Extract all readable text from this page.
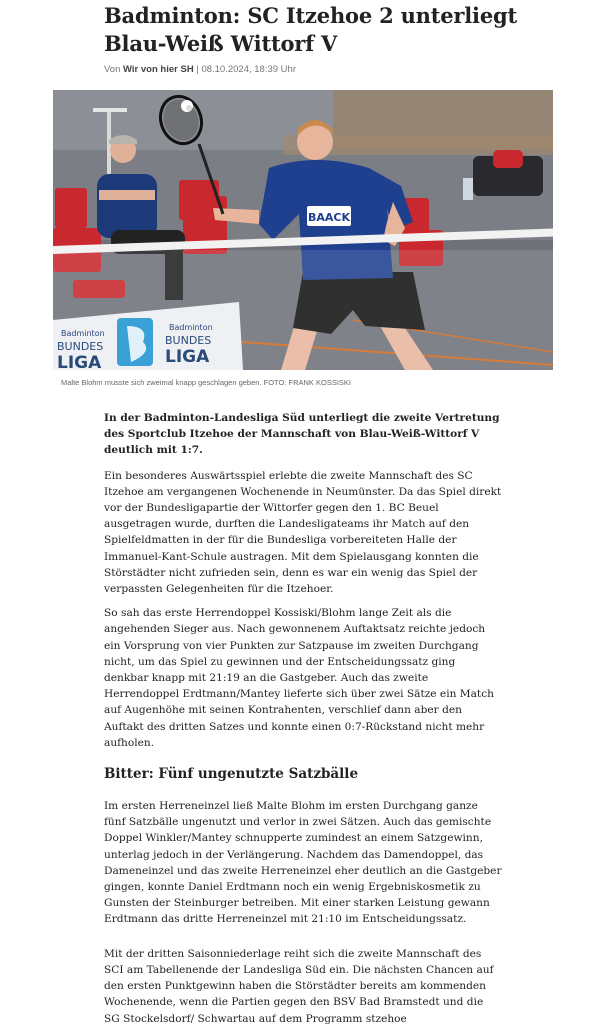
Badminton: SC Itzehoe 2 unterliegt Blau-Weiß Wittorf V
Von Wir von hier SH | 08.10.2024, 18:39 Uhr
BAACK
Badminton
BUNDES
LIGA
Badminton
BUNDES
LIGA
Malte Blohm musste sich zweimal knapp geschlagen geben. FOTO: FRANK KOSSISKI

In der Badminton-Landesliga Süd unterliegt die zweite Vertretung des Sportclub Itzehoe der Mannschaft von Blau-Weiß-Wittorf V deutlich mit 1:7.

Ein besonderes Auswärtsspiel erlebte die zweite Mannschaft des SC Itzehoe am vergangenen Wochenende in Neumünster. Da das Spiel direkt vor der Bundesligapartie der Wittorfer gegen den 1. BC Beuel ausgetragen wurde, durften die Landesligateams ihr Match auf den Spielfeldmatten in der für die Bundesliga vorbereiteten Halle der Immanuel-Kant-Schule austragen. Mit dem Spielausgang konnten die Störstädter nicht zufrieden sein, denn es war ein wenig das Spiel der verpassten Gelegenheiten für die Itzehoer.

So sah das erste Herrendoppel Kossiski/Blohm lange Zeit als die angehenden Sieger aus. Nach gewonnenem Auftaktsatz reichte jedoch ein Vorsprung von vier Punkten zur Satzpause im zweiten Durchgang nicht, um das Spiel zu gewinnen und der Entscheidungssatz ging denkbar knapp mit 21:19 an die Gastgeber. Auch das zweite Herrendoppel Erdtmann/Mantey lieferte sich über zwei Sätze ein Match auf Augenhöhe mit seinen Kontrahenten, verschlief dann aber den Auftakt des dritten Satzes und konnte einen 0:7-Rückstand nicht mehr aufholen.

Bitter: Fünf ungenutzte Satzbälle

Im ersten Herreneinzel ließ Malte Blohm im ersten Durchgang ganze fünf Satzbälle ungenutzt und verlor in zwei Sätzen. Auch das gemischte Doppel Winkler/Mantey schnupperte zumindest an einem Satzgewinn, unterlag jedoch in der Verlängerung. Nachdem das Damendoppel, das Dameneinzel und das zweite Herreneinzel eher deutlich an die Gastgeber gingen, konnte Daniel Erdtmann noch ein wenig Ergebniskosmetik zu Gunsten der Steinburger betreiben. Mit einer starken Leistung gewann Erdtmann das dritte Herreneinzel mit 21:10 im Entscheidungssatz.

Mit der dritten Saisonniederlage reiht sich die zweite Mannschaft des SCI am Tabellenende der Landesliga Süd ein. Die nächsten Chancen auf den ersten Punktgewinn haben die Störstädter bereits am kommenden Wochenende, wenn die Partien gegen den BSV Bad Bramstedt und die SG Stockelsdorf/ Schwartau auf dem Programm stzehoe
